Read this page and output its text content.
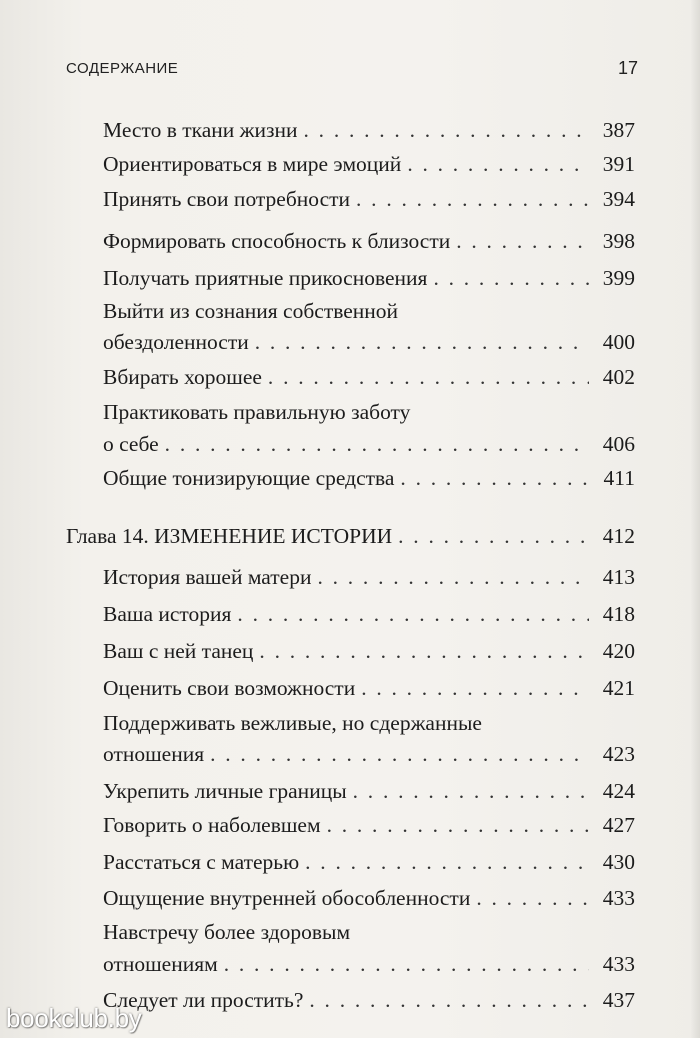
СОДЕРЖАНИЕ	17
Место в ткани жизни . . .	387
Ориентироваться в мире эмоций . . .	391
Принять свои потребности . . .	394
Формировать способность к близости . . .	398
Получать приятные прикосновения . . .	399
Выйти из сознания собственной
обездоленности . . .	400
Вбирать хорошее . . .	402
Практиковать правильную заботу
о себе . . .	406
Общие тонизирующие средства . . .	411
Глава 14. ИЗМЕНЕНИЕ ИСТОРИИ . . .	412
История вашей матери . . .	413
Ваша история . . .	418
Ваш с ней танец . . .	420
Оценить свои возможности . . .	421
Поддерживать вежливые, но сдержанные
отношения . . .	423
Укрепить личные границы . . .	424
Говорить о наболевшем . . .	427
Расстаться с матерью . . .	430
Ощущение внутренней обособленности . . .	433
Навстречу более здоровым
отношениям . . .	433
Следует ли простить? . . .	437
bookclub.by
